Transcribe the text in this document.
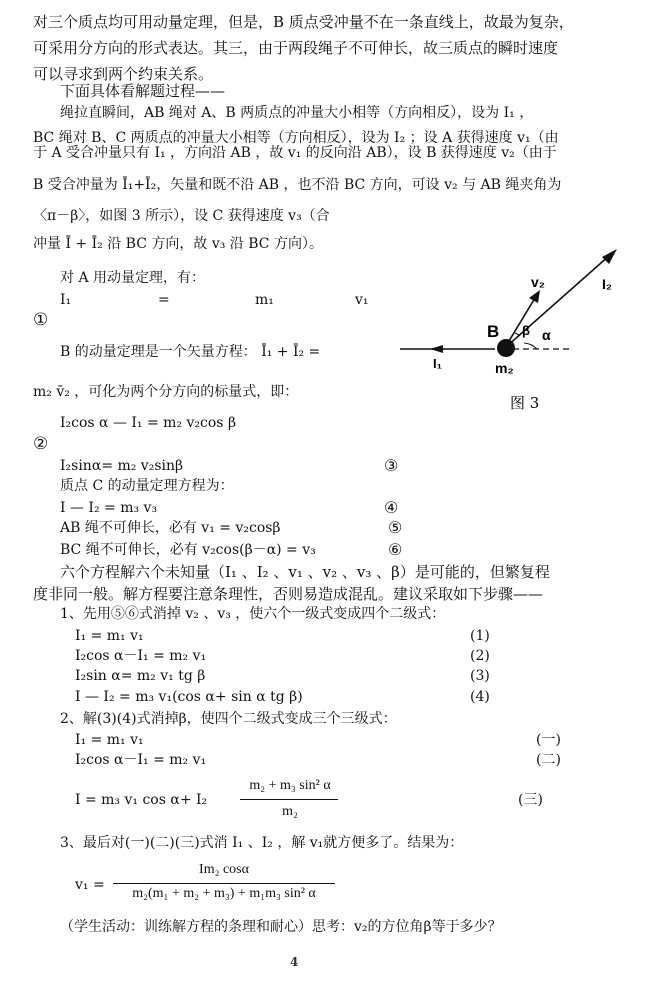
对三个质点均可用动量定理，但是，B 质点受冲量不在一条直线上，故最为复杂，
可采用分方向的形式表达。其三，由于两段绳子不可伸长，故三质点的瞬时速度
可以寻求到两个约束关系。
下面具体看解题过程——
绳拉直瞬间，AB 绳对 A、B 两质点的冲量大小相等（方向相反），设为 I₁ ，
BC 绳对 B、C 两质点的冲量大小相等（方向相反），设为 I₂ ；设 A 获得速度 v₁（由
于 A 受合冲量只有 I₁ ，方向沿 AB ，故 v₁ 的反向沿 AB），设 B 获得速度 v₂（由于
B 受合冲量为 Ī₁+Ī₂，矢量和既不沿 AB ，也不沿 BC 方向，可设 v₂ 与 AB 绳夹角为
〈π－β〉，如图 3 所示），设 C 获得速度 v₃（合
冲量 Ī + Ī₂ 沿 BC 方向，故 v₃ 沿 BC 方向）。
对 A 用动量定理，有：
I₁	=	m₁	v₁
①
B 的动量定理是一个矢量方程： Ī₁ + Ī₂ =
m₂ v̄₂ ，可化为两个分方向的标量式，即：
I₂cos α — I₁ = m₂ v₂cos β
②
I₂sinα= m₂ v₂sinβ	③
质点 C 的动量定理方程为：
I — I₂ = m₃ v₃	④
AB 绳不可伸长，必有 v₁ = v₂cosβ	⑤
BC 绳不可伸长，必有 v₂cos(β－α) = v₃	⑥
六个方程解六个未知量（I₁ 、I₂ 、v₁ 、v₂ 、v₃ 、β）是可能的，但繁复程
度非同一般。解方程要注意条理性，否则易造成混乱。建议采取如下步骤——
1、先用⑤⑥式消掉 v₂ 、v₃ ，使六个一级式变成四个二级式：
I₁ = m₁ v₁	(1)
I₂cos α－I₁ = m₂ v₁	(2)
I₂sin α= m₂ v₁ tg β	(3)
I — I₂ = m₃ v₁(cos α+ sin α tg β)	(4)
2、解(3)(4)式消掉β，使四个二级式变成三个三级式：
I₁ = m₁ v₁	(一)
I₂cos α－I₁ = m₂ v₁	(二)
I = m₃ v₁ cos α+ I₂
m₂ + m₃ sin² α
m₂
(三)
3、最后对(一)(二)(三)式消 I₁ 、I₂ ，解 v₁就方便多了。结果为：
v₁ =
Im₂ cosα
m₂(m₁ + m₂ + m₃) + m₁m₃ sin² α
（学生活动：训练解方程的条理和耐心）思考：v₂的方位角β等于多少？
4
v₂	I₂
I₁
B
m₂
β α
图 3
